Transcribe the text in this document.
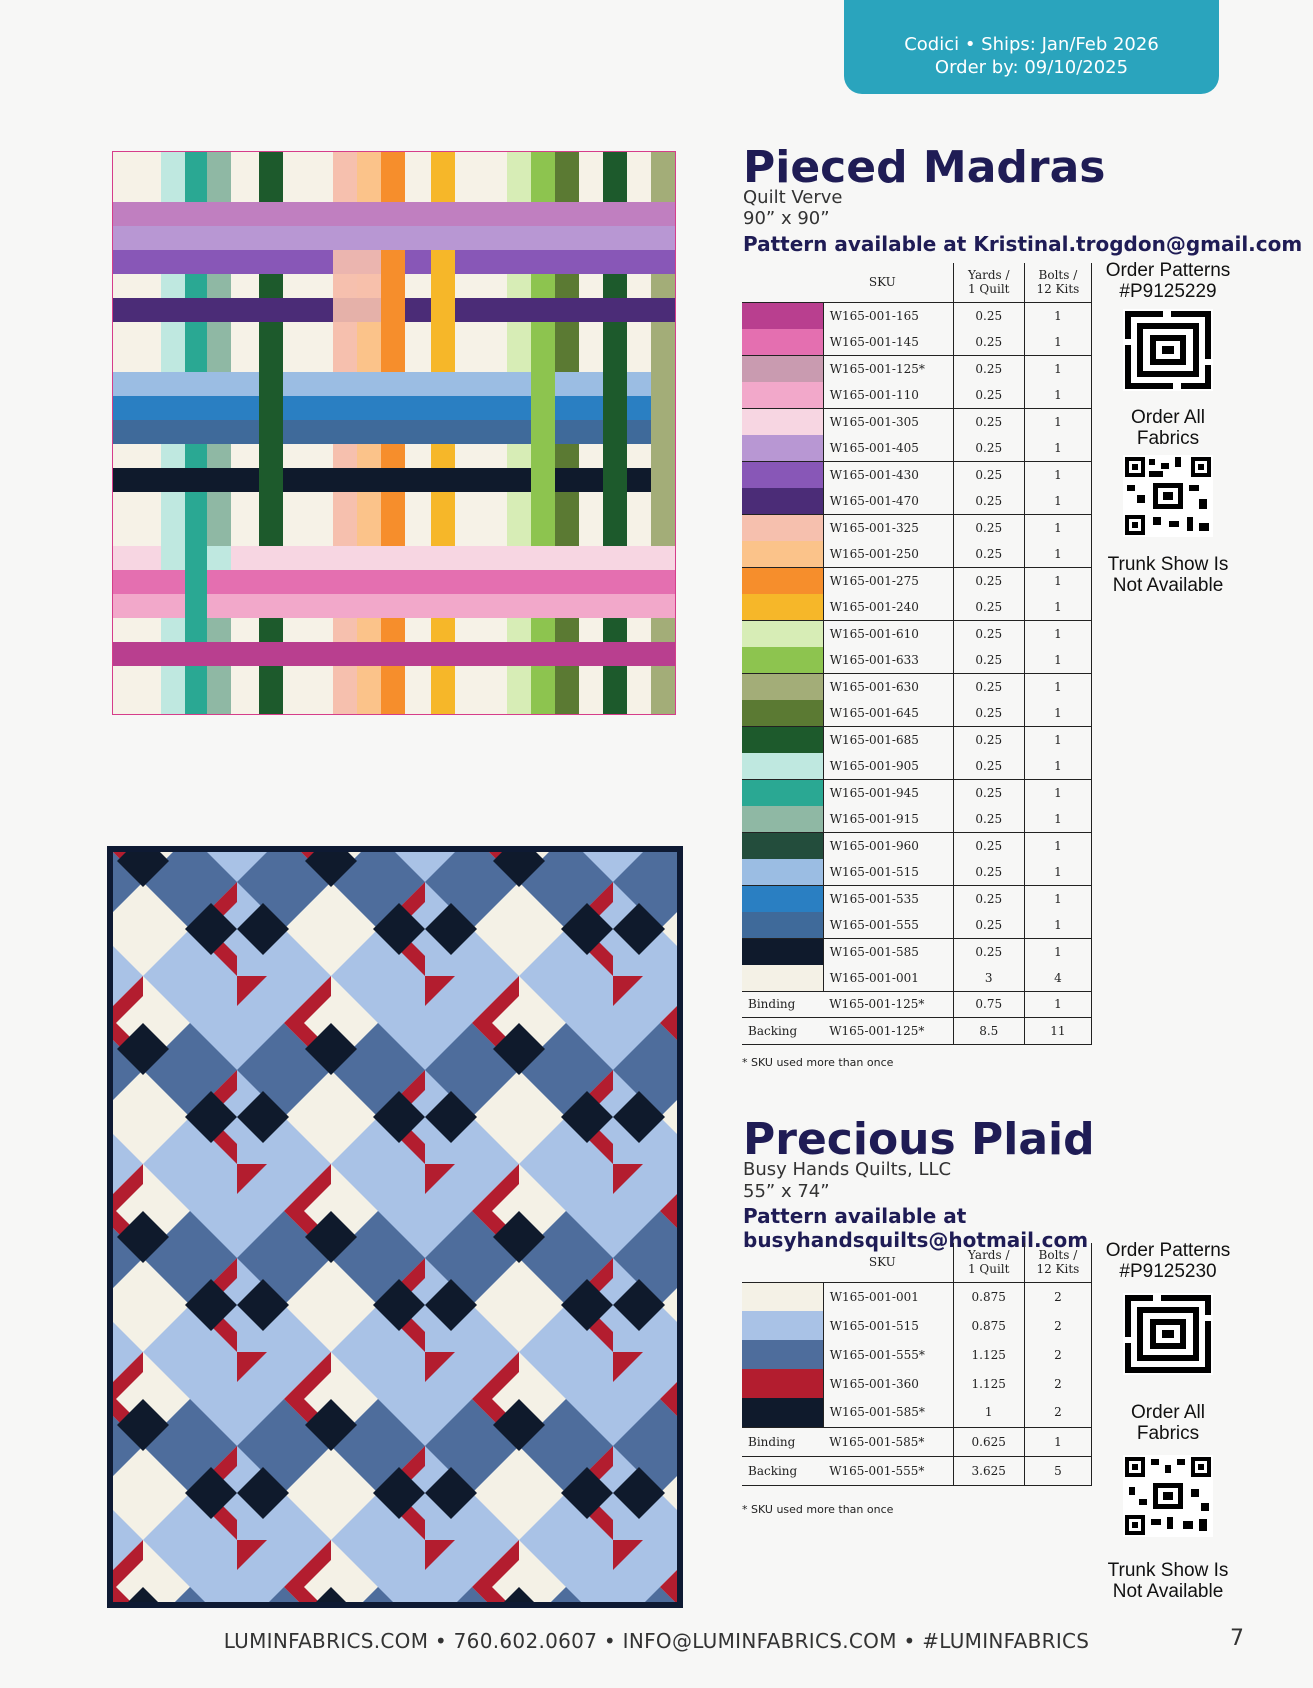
Codici • Ships: Jan/Feb 2026
Order by: 09/10/2025
Pieced Madras
Quilt Verve
90” x 90”
Pattern available at Kristinal.trogdon@gmail.com
SKU		Yards /
1 Quilt	Bolts /
12 Kits
	W165-001-165	0.25	1
	W165-001-145	0.25	1
	W165-001-125*	0.25	1
	W165-001-110	0.25	1
	W165-001-305	0.25	1
	W165-001-405	0.25	1
	W165-001-430	0.25	1
	W165-001-470	0.25	1
	W165-001-325	0.25	1
	W165-001-250	0.25	1
	W165-001-275	0.25	1
	W165-001-240	0.25	1
	W165-001-610	0.25	1
	W165-001-633	0.25	1
	W165-001-630	0.25	1
	W165-001-645	0.25	1
	W165-001-685	0.25	1
	W165-001-905	0.25	1
	W165-001-945	0.25	1
	W165-001-915	0.25	1
	W165-001-960	0.25	1
	W165-001-515	0.25	1
	W165-001-535	0.25	1
	W165-001-555	0.25	1
	W165-001-585	0.25	1
	W165-001-001	3	4
Binding	W165-001-125*	0.75	1
Backing	W165-001-125*	8.5	11
* SKU used more than once
Order Patterns
#P9125229
Order All
Fabrics
Trunk Show Is
Not Available
Precious Plaid
Busy Hands Quilts, LLC
55” x 74”
Pattern available at busyhandsquilts@hotmail.com
SKU		Yards /
1 Quilt	Bolts /
12 Kits
	W165-001-001	0.875	2
	W165-001-515	0.875	2
	W165-001-555*	1.125	2
	W165-001-360	1.125	2
	W165-001-585*	1	2
Binding	W165-001-585*	0.625	1
Backing	W165-001-555*	3.625	5
* SKU used more than once
Order Patterns
#P9125230
Order All
Fabrics
Trunk Show Is
Not Available
LUMINFABRICS.COM • 760.602.0607 • INFO@LUMINFABRICS.COM • #LUMINFABRICS	7
